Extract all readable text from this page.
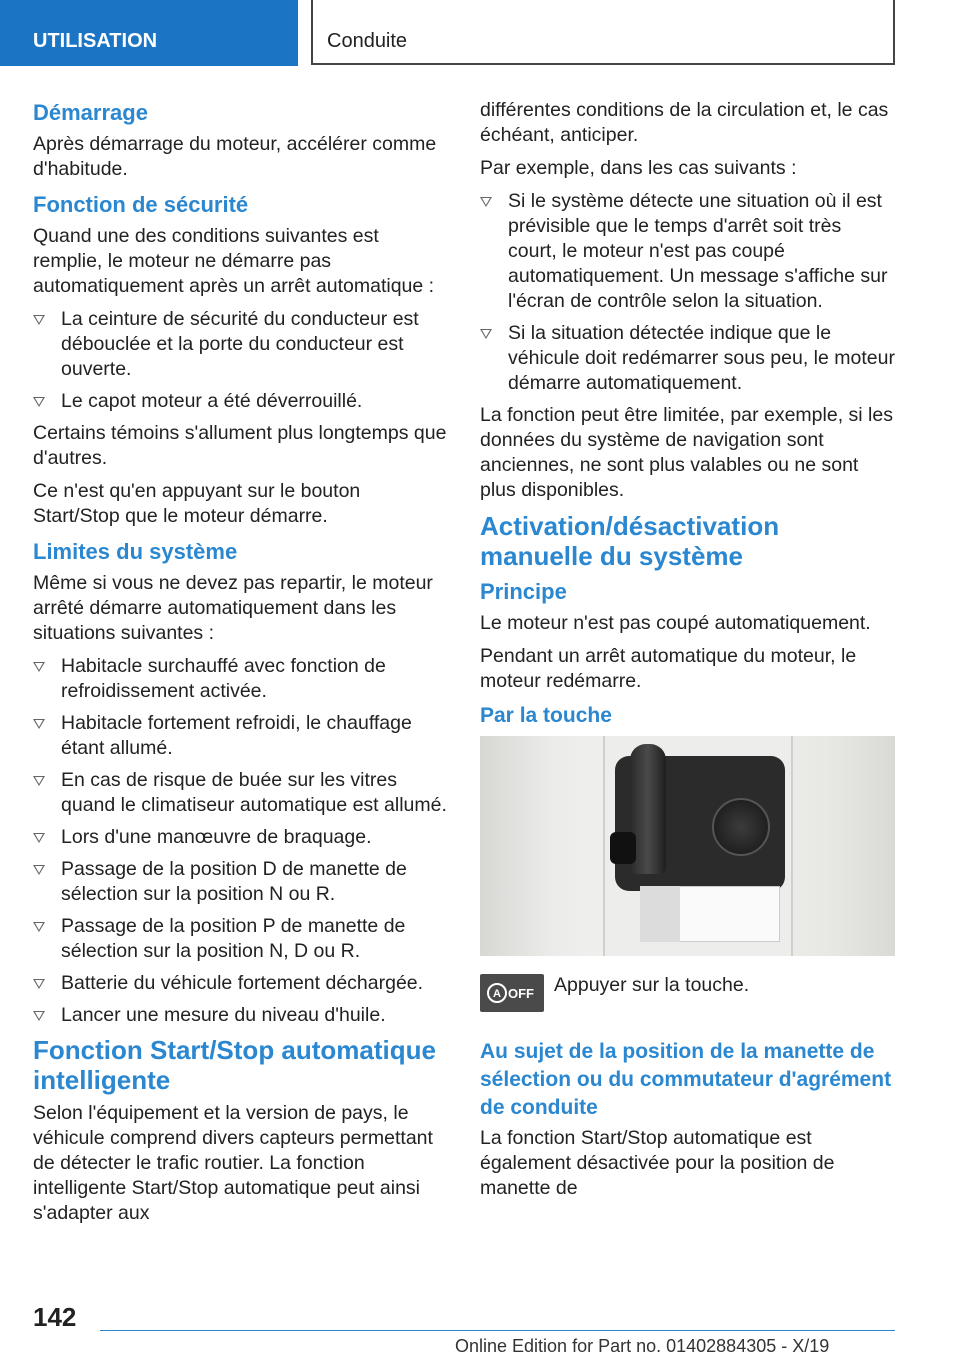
UTILISATION	Conduite
Démarrage

Après démarrage du moteur, accélérer comme d'habitude.

Fonction de sécurité

Quand une des conditions suivantes est remplie, le moteur ne démarre pas automatiquement après un arrêt automatique :

La ceinture de sécurité du conducteur est débouclée et la porte du conducteur est ouverte.
Le capot moteur a été déverrouillé.

Certains témoins s'allument plus longtemps que d'autres.

Ce n'est qu'en appuyant sur le bouton Start/Stop que le moteur démarre.

Limites du système

Même si vous ne devez pas repartir, le moteur arrêté démarre automatiquement dans les situations suivantes :

Habitacle surchauffé avec fonction de refroidissement activée.
Habitacle fortement refroidi, le chauffage étant allumé.
En cas de risque de buée sur les vitres quand le climatiseur automatique est allumé.
Lors d'une manœuvre de braquage.
Passage de la position D de manette de sélection sur la position N ou R.
Passage de la position P de manette de sélection sur la position N, D ou R.
Batterie du véhicule fortement déchargée.
Lancer une mesure du niveau d'huile.
Fonction Start/Stop automatique intelligente

Selon l'équipement et la version de pays, le véhicule comprend divers capteurs permettant de détecter le trafic routier. La fonction intelligente Start/Stop automatique peut ainsi s'adapter aux

différentes conditions de la circulation et, le cas échéant, anticiper.

Par exemple, dans les cas suivants :

Si le système détecte une situation où il est prévisible que le temps d'arrêt soit très court, le moteur n'est pas coupé automatiquement. Un message s'affiche sur l'écran de contrôle selon la situation.
Si la situation détectée indique que le véhicule doit redémarrer sous peu, le moteur démarre automatiquement.

La fonction peut être limitée, par exemple, si les données du système de navigation sont anciennes, ne sont plus valables ou ne sont plus disponibles.

Activation/désactivation manuelle du système
Principe

Le moteur n'est pas coupé automatiquement.

Pendant un arrêt automatique du moteur, le moteur redémarre.

Par la touche
A OFF Appuyer sur la touche.
Au sujet de la position de la manette de sélection ou du commutateur d'agrément de conduite

La fonction Start/Stop automatique est également désactivée pour la position de manette de

142
Online Edition for Part no. 01402884305 - X/19
